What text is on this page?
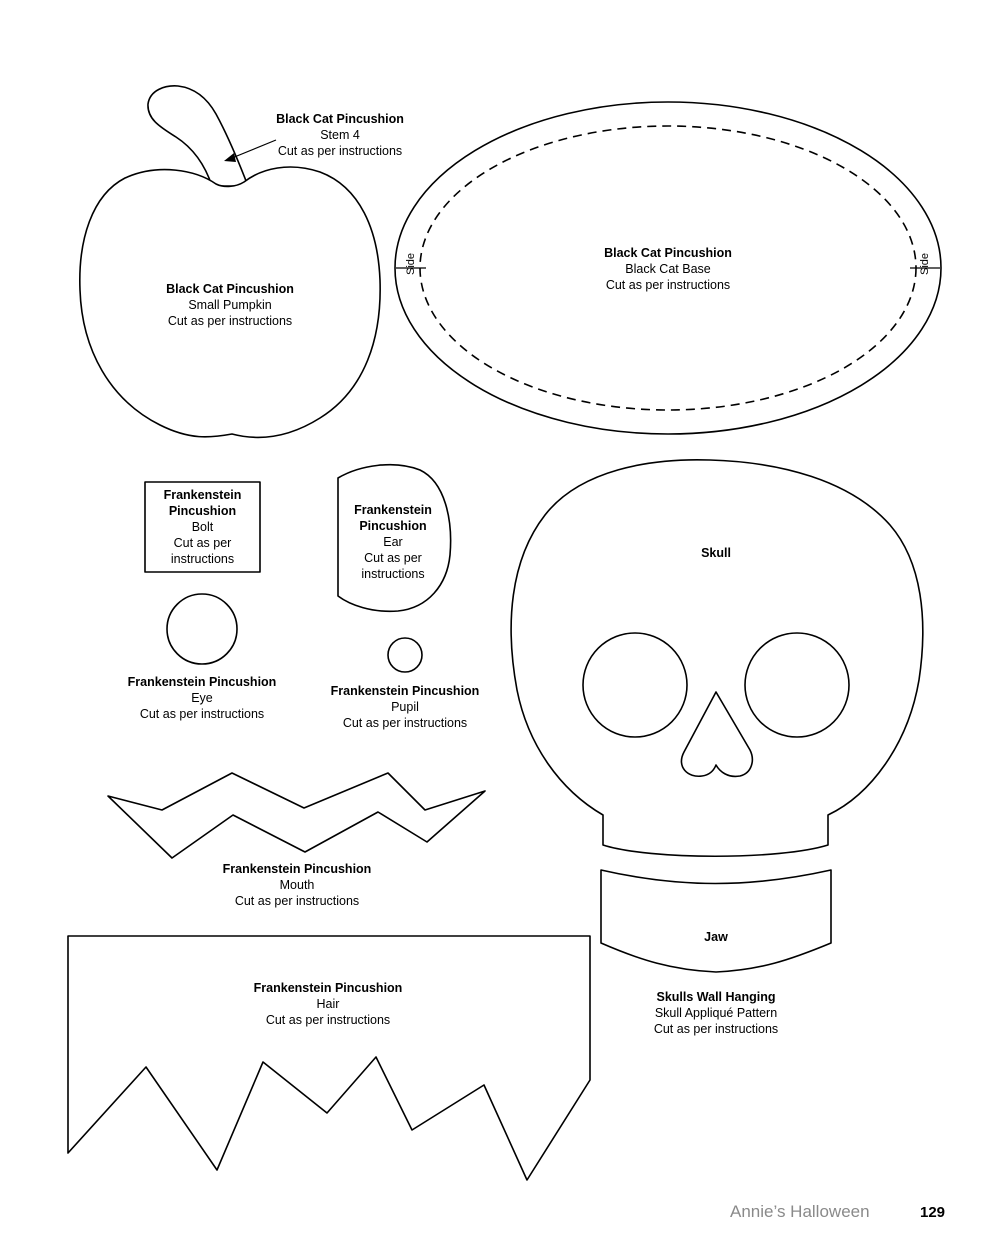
Black Cat Pincushion
Stem 4
Cut as per instructions
Black Cat Pincushion
Small Pumpkin
Cut as per instructions
Black Cat Pincushion
Black Cat Base
Cut as per instructions
Side	Side
Frankenstein
Pincushion
Bolt
Cut as per
instructions
Frankenstein
Pincushion
Ear
Cut as per
instructions
Frankenstein Pincushion
Eye
Cut as per instructions
Frankenstein Pincushion
Pupil
Cut as per instructions
Frankenstein Pincushion
Mouth
Cut as per instructions
Frankenstein Pincushion
Hair
Cut as per instructions
Skull
Jaw
Skulls Wall Hanging
Skull Appliqué Pattern
Cut as per instructions
Annie’s Halloween	129
